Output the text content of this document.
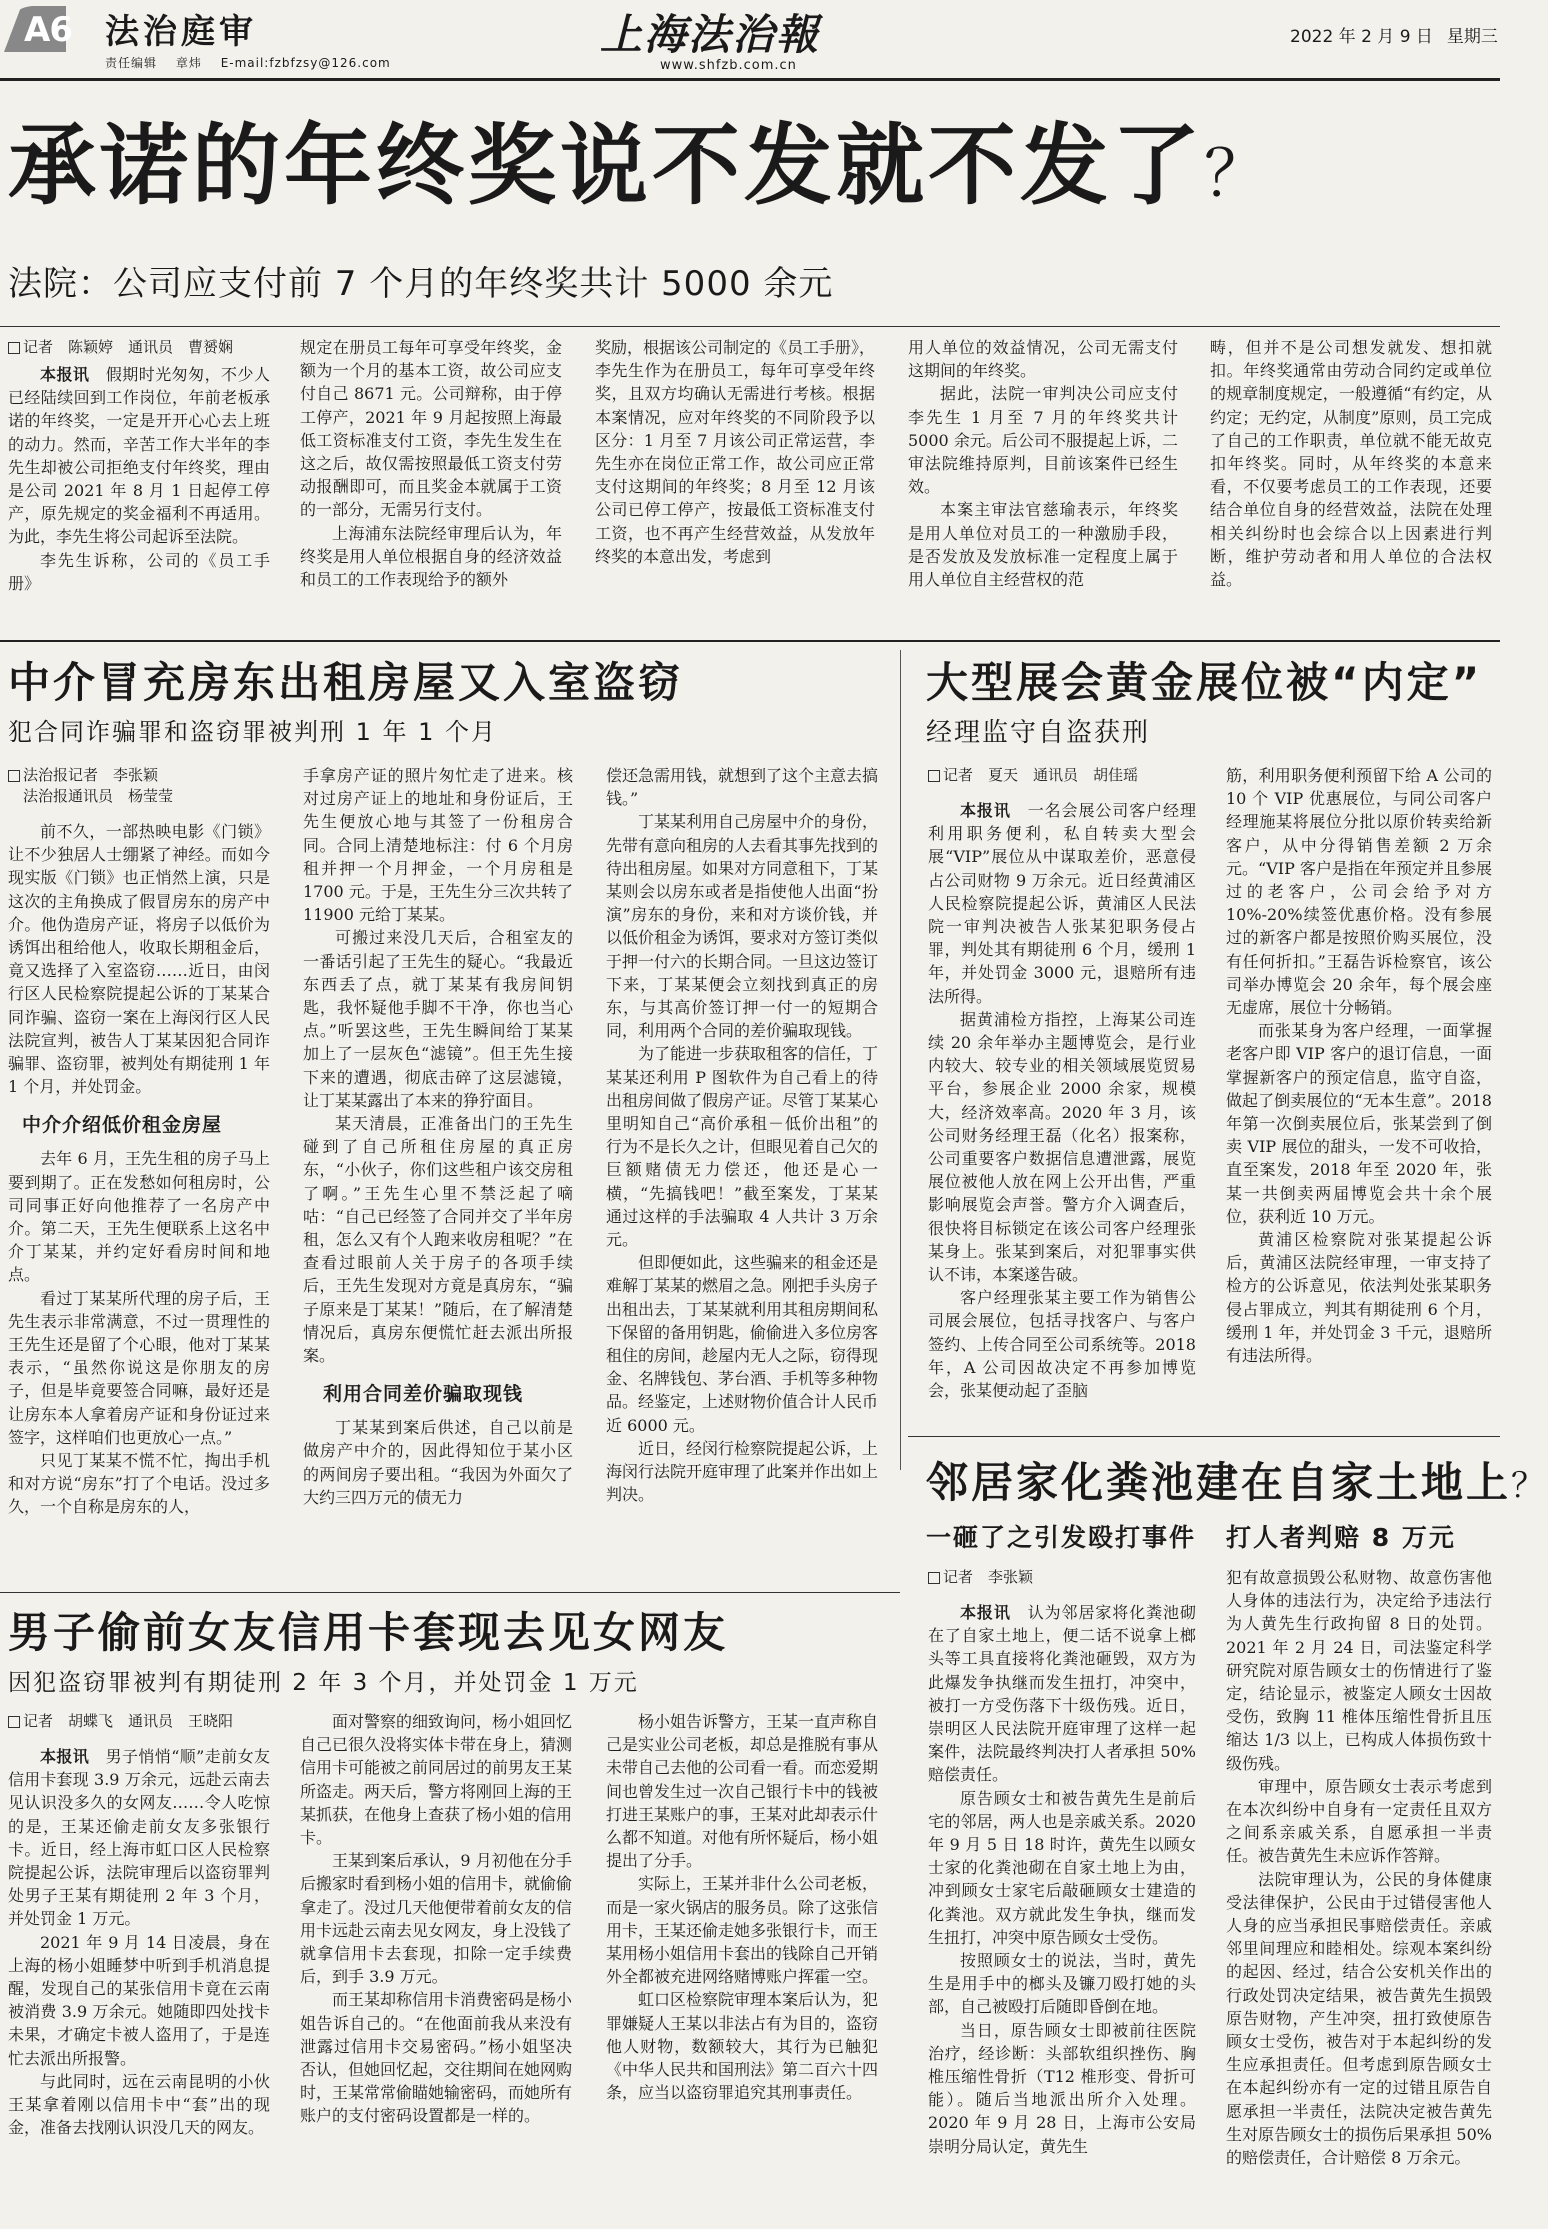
A6 法治庭审
责任编辑 章炜 E-mail:fzbfzsy@126.com
上海法治報
www.shfzb.com.cn
2022 年 2 月 9 日 星期三
承诺的年终奖说不发就不发了？
法院：公司应支付前 7 个月的年终奖共计 5000 余元

记者　陈颖婷　通讯员　曹赟娴

本报讯　 假期时光匆匆，不少人已经陆续回到工作岗位，年前老板承诺的年终奖，一定是开开心心去上班的动力。然而，辛苦工作大半年的李先生却被公司拒绝支付年终奖，理由是公司 2021 年 8 月 1 日起停工停产，原先规定的奖金福利不再适用。为此，李先生将公司起诉至法院。

李先生诉称，公司的《员工手册》

规定在册员工每年可享受年终奖，金额为一个月的基本工资，故公司应支付自己 8671 元。公司辩称，由于停工停产，2021 年 9 月起按照上海最低工资标准支付工资，李先生发生在这之后，故仅需按照最低工资支付劳动报酬即可，而且奖金本就属于工资的一部分，无需另行支付。

上海浦东法院经审理后认为，年终奖是用人单位根据自身的经济效益和员工的工作表现给予的额外

奖励，根据该公司制定的《员工手册》，李先生作为在册员工，每年可享受年终奖，且双方均确认无需进行考核。根据本案情况，应对年终奖的不同阶段予以区分：1 月至 7 月该公司正常运营，李先生亦在岗位正常工作，故公司应正常支付这期间的年终奖；8 月至 12 月该公司已停工停产，按最低工资标准支付工资，也不再产生经营效益，从发放年终奖的本意出发，考虑到

用人单位的效益情况，公司无需支付这期间的年终奖。

据此，法院一审判决公司应支付李先生 1 月至 7 月的年终奖共计 5000 余元。后公司不服提起上诉，二审法院维持原判，目前该案件已经生效。

本案主审法官慈瑜表示，年终奖是用人单位对员工的一种激励手段，是否发放及发放标准一定程度上属于用人单位自主经营权的范

畴，但并不是公司想发就发、想扣就扣。年终奖通常由劳动合同约定或单位的规章制度规定，一般遵循“有约定，从约定；无约定，从制度”原则，员工完成了自己的工作职责，单位就不能无故克扣年终奖。同时，从年终奖的本意来看，不仅要考虑员工的工作表现，还要结合单位自身的经营效益，法院在处理相关纠纷时也会综合以上因素进行判断，维护劳动者和用人单位的合法权益。

中介冒充房东出租房屋又入室盗窃
犯合同诈骗罪和盗窃罪被判刑 1 年 1 个月

法治报记者　李张颖

法治报通讯员　杨莹莹

前不久，一部热映电影《门锁》让不少独居人士绷紧了神经。而如今现实版《门锁》也正悄然上演，只是这次的主角换成了假冒房东的房产中介。他伪造房产证，将房子以低价为诱饵出租给他人，收取长期租金后，竟又选择了入室盗窃……近日，由闵行区人民检察院提起公诉的丁某某合同诈骗、盗窃一案在上海闵行区人民法院宣判，被告人丁某某因犯合同诈骗罪、盗窃罪，被判处有期徒刑 1 年 1 个月，并处罚金。

中介介绍低价租金房屋

去年 6 月，王先生租的房子马上要到期了。正在发愁如何租房时，公司同事正好向他推荐了一名房产中介。第二天，王先生便联系上这名中介丁某某，并约定好看房时间和地点。

看过丁某某所代理的房子后，王先生表示非常满意，不过一贯理性的王先生还是留了个心眼，他对丁某某表示，“虽然你说这是你朋友的房子，但是毕竟要签合同嘛，最好还是让房东本人拿着房产证和身份证过来签字，这样咱们也更放心一点。”

只见丁某某不慌不忙，掏出手机和对方说“房东”打了个电话。没过多久，一个自称是房东的人，

手拿房产证的照片匆忙走了进来。核对过房产证上的地址和身份证后，王先生便放心地与其签了一份租房合同。合同上清楚地标注：付 6 个月房租并押一个月押金，一个月房租是 1700 元。于是，王先生分三次共转了 11900 元给丁某某。

可搬过来没几天后，合租室友的一番话引起了王先生的疑心。“我最近东西丢了点，就丁某某有我房间钥匙，我怀疑他手脚不干净，你也当心点。”听罢这些，王先生瞬间给丁某某加上了一层灰色“滤镜”。但王先生接下来的遭遇，彻底击碎了这层滤镜，让丁某某露出了本来的狰狞面目。

某天清晨，正准备出门的王先生碰到了自己所租住房屋的真正房东，“小伙子，你们这些租户该交房租了啊。”王先生心里不禁泛起了嘀咕：“自己已经签了合同并交了半年房租，怎么又有个人跑来收房租呢？”在查看过眼前人关于房子的各项手续后，王先生发现对方竟是真房东，“骗子原来是丁某某！”随后，在了解清楚情况后，真房东便慌忙赶去派出所报案。

利用合同差价骗取现钱

丁某某到案后供述，自己以前是做房产中介的，因此得知位于某小区的两间房子要出租。“我因为外面欠了大约三四万元的债无力

偿还急需用钱，就想到了这个主意去搞钱。”

丁某某利用自己房屋中介的身份，先带有意向租房的人去看其事先找到的待出租房屋。如果对方同意租下，丁某某则会以房东或者是指使他人出面“扮演”房东的身份，来和对方谈价钱，并以低价租金为诱饵，要求对方签订类似于押一付六的长期合同。一旦这边签订下来，丁某某便会立刻找到真正的房东，与其高价签订押一付一的短期合同，利用两个合同的差价骗取现钱。

为了能进一步获取租客的信任，丁某某还利用 P 图软件为自己看上的待出租房间做了假房产证。尽管丁某某心里明知自己“高价承租－低价出租”的行为不是长久之计，但眼见着自己欠的巨额赌债无力偿还，他还是心一横，“先搞钱吧！”截至案发，丁某某通过这样的手法骗取 4 人共计 3 万余元。

但即便如此，这些骗来的租金还是难解丁某某的燃眉之急。刚把手头房子出租出去，丁某某就利用其租房期间私下保留的备用钥匙，偷偷进入多位房客租住的房间，趁屋内无人之际，窃得现金、名牌钱包、茅台酒、手机等多种物品。经鉴定，上述财物价值合计人民币近 6000 元。

近日，经闵行检察院提起公诉，上海闵行法院开庭审理了此案并作出如上判决。

大型展会黄金展位被“内定”
经理监守自盗获刑

记者　夏天　通讯员　胡佳瑶

本报讯　 一名会展公司客户经理利用职务便利，私自转卖大型会展“VIP”展位从中谋取差价，恶意侵占公司财物 9 万余元。近日经黄浦区人民检察院提起公诉，黄浦区人民法院一审判决被告人张某犯职务侵占罪，判处其有期徒刑 6 个月，缓刑 1 年，并处罚金 3000 元，退赔所有违法所得。

据黄浦检方指控，上海某公司连续 20 余年举办主题博览会，是行业内较大、较专业的相关领域展览贸易平台，参展企业 2000 余家，规模大，经济效率高。2020 年 3 月，该公司财务经理王磊（化名）报案称，公司重要客户数据信息遭泄露，展览展位被他人放在网上公开出售，严重影响展览会声誉。警方介入调查后，很快将目标锁定在该公司客户经理张某身上。张某到案后，对犯罪事实供认不讳，本案遂告破。

客户经理张某主要工作为销售公司展会展位，包括寻找客户、与客户签约、上传合同至公司系统等。2018 年，A 公司因故决定不再参加博览会，张某便动起了歪脑

筋，利用职务便利预留下给 A 公司的 10 个 VIP 优惠展位，与同公司客户经理施某将展位分批以原价转卖给新客户，从中分得销售差额 2 万余元。“VIP 客户是指在年预定并且参展过的老客户，公司会给予对方 10%-20%续签优惠价格。没有参展过的新客户都是按照价购买展位，没有任何折扣。”王磊告诉检察官，该公司举办博览会 20 余年，每个展会座无虚席，展位十分畅销。

而张某身为客户经理，一面掌握老客户即 VIP 客户的退订信息，一面掌握新客户的预定信息，监守自盗，做起了倒卖展位的“无本生意”。2018 年第一次倒卖展位后，张某尝到了倒卖 VIP 展位的甜头，一发不可收拾，直至案发，2018 年至 2020 年，张某一共倒卖两届博览会共十余个展位，获利近 10 万元。

黄浦区检察院对张某提起公诉后，黄浦区法院经审理，一审支持了检方的公诉意见，依法判处张某职务侵占罪成立，判其有期徒刑 6 个月，缓刑 1 年，并处罚金 3 千元，退赔所有违法所得。

邻居家化粪池建在自家土地上？
一砸了之引发殴打事件 打人者判赔 8 万元

记者　李张颖

本报讯　 认为邻居家将化粪池砌在了自家土地上，便二话不说拿上榔头等工具直接将化粪池砸毁，双方为此爆发争执继而发生扭打，冲突中，被打一方受伤落下十级伤残。近日，崇明区人民法院开庭审理了这样一起案件，法院最终判决打人者承担 50%赔偿责任。

原告顾女士和被告黄先生是前后宅的邻居，两人也是亲戚关系。2020 年 9 月 5 日 18 时许，黄先生以顾女士家的化粪池砌在自家土地上为由，冲到顾女士家宅后敲砸顾女士建造的化粪池。双方就此发生争执，继而发生扭打，冲突中原告顾女士受伤。

按照顾女士的说法，当时，黄先生是用手中的榔头及镰刀殴打她的头部，自己被殴打后随即昏倒在地。

当日，原告顾女士即被前往医院治疗，经诊断：头部软组织挫伤、胸椎压缩性骨折（T12 椎形变、骨折可能）。随后当地派出所介入处理。2020 年 9 月 28 日，上海市公安局崇明分局认定，黄先生

犯有故意损毁公私财物、故意伤害他人身体的违法行为，决定给予违法行为人黄先生行政拘留 8 日的处罚。2021 年 2 月 24 日，司法鉴定科学研究院对原告顾女士的伤情进行了鉴定，结论显示，被鉴定人顾女士因故受伤，致胸 11 椎体压缩性骨折且压缩达 1/3 以上，已构成人体损伤致十级伤残。

审理中，原告顾女士表示考虑到在本次纠纷中自身有一定责任且双方之间系亲戚关系，自愿承担一半责任。被告黄先生未应诉作答辩。

法院审理认为，公民的身体健康受法律保护，公民由于过错侵害他人人身的应当承担民事赔偿责任。亲戚邻里间理应和睦相处。综观本案纠纷的起因、经过，结合公安机关作出的行政处罚决定结果，被告黄先生损毁原告财物，产生冲突，扭打致使原告顾女士受伤，被告对于本起纠纷的发生应承担责任。但考虑到原告顾女士在本起纠纷亦有一定的过错且原告自愿承担一半责任，法院决定被告黄先生对原告顾女士的损伤后果承担 50%的赔偿责任，合计赔偿 8 万余元。

男子偷前女友信用卡套现去见女网友
因犯盗窃罪被判有期徒刑 2 年 3 个月，并处罚金 1 万元

记者　胡蝶飞　通讯员　王晓阳

本报讯　 男子悄悄“顺”走前女友信用卡套现 3.9 万余元，远赴云南去见认识没多久的女网友……令人吃惊的是，王某还偷走前女友多张银行卡。近日，经上海市虹口区人民检察院提起公诉，法院审理后以盗窃罪判处男子王某有期徒刑 2 年 3 个月，并处罚金 1 万元。

2021 年 9 月 14 日凌晨，身在上海的杨小姐睡梦中听到手机消息提醒，发现自己的某张信用卡竟在云南被消费 3.9 万余元。她随即四处找卡未果，才确定卡被人盗用了，于是连忙去派出所报警。

与此同时，远在云南昆明的小伙王某拿着刚以信用卡中“套”出的现金，准备去找刚认识没几天的网友。

面对警察的细致询问，杨小姐回忆自己已很久没将实体卡带在身上，猜测信用卡可能被之前同居过的前男友王某所盗走。两天后，警方将刚回上海的王某抓获，在他身上查获了杨小姐的信用卡。

王某到案后承认，9 月初他在分手后搬家时看到杨小姐的信用卡，就偷偷拿走了。没过几天他便带着前女友的信用卡远赴云南去见女网友，身上没钱了就拿信用卡去套现，扣除一定手续费后，到手 3.9 万元。

而王某却称信用卡消费密码是杨小姐告诉自己的。“在他面前我从来没有泄露过信用卡交易密码。”杨小姐坚决否认，但她回忆起，交往期间在她网购时，王某常常偷瞄她输密码，而她所有账户的支付密码设置都是一样的。

杨小姐告诉警方，王某一直声称自己是实业公司老板，却总是推脱有事从未带自己去他的公司看一看。而恋爱期间也曾发生过一次自己银行卡中的钱被打进王某账户的事，王某对此却表示什么都不知道。对他有所怀疑后，杨小姐提出了分手。

实际上，王某并非什么公司老板，而是一家火锅店的服务员。除了这张信用卡，王某还偷走她多张银行卡，而王某用杨小姐信用卡套出的钱除自己开销外全都被充进网络赌博账户挥霍一空。

虹口区检察院审理本案后认为，犯罪嫌疑人王某以非法占有为目的，盗窃他人财物，数额较大，其行为已触犯《中华人民共和国刑法》第二百六十四条，应当以盗窃罪追究其刑事责任。
